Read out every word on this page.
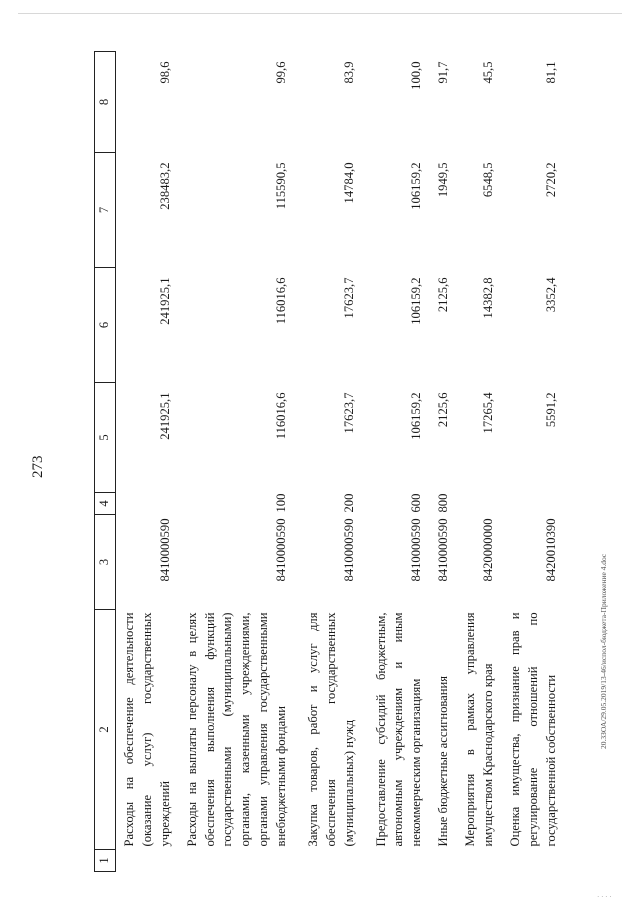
273
1	2	3	4	5	6	7	8
	Расходы на обеспечение деятельности (оказание услуг) государственных учреждений	8410000590		241925,1	241925,1	238483,2	98,6
	Расходы на выплаты персоналу в целях обеспечения выполнения функций государственными (муниципальными) органами, казенными учреждениями, органами управления государственными внебюджетными фондами	8410000590	100	116016,6	116016,6	115590,5	99,6
	Закупка товаров, работ и услуг для обеспечения государственных (муниципальных) нужд	8410000590	200	17623,7	17623,7	14784,0	83,9
	Предоставление субсидий бюджетным, автономным учреждениям и иным некоммерческим организациям	8410000590	600	106159,2	106159,2	106159,2	100,0
	Иные бюджетные ассигнования	8410000590	800	2125,6	2125,6	1949,5	91,7
	Мероприятия в рамках управления имуществом Краснодарского края	8420000000		17265,4	14382,8	6548,5	45,5
	Оценка имущества, признание прав и регулирование отношений по государственной собственности	8420010390		5591,2	3352,4	2720,2	81,1
20.3ЗОА/29.05.2019/13-46/испол-бюджета-Приложение 4.doc
· · · ·
